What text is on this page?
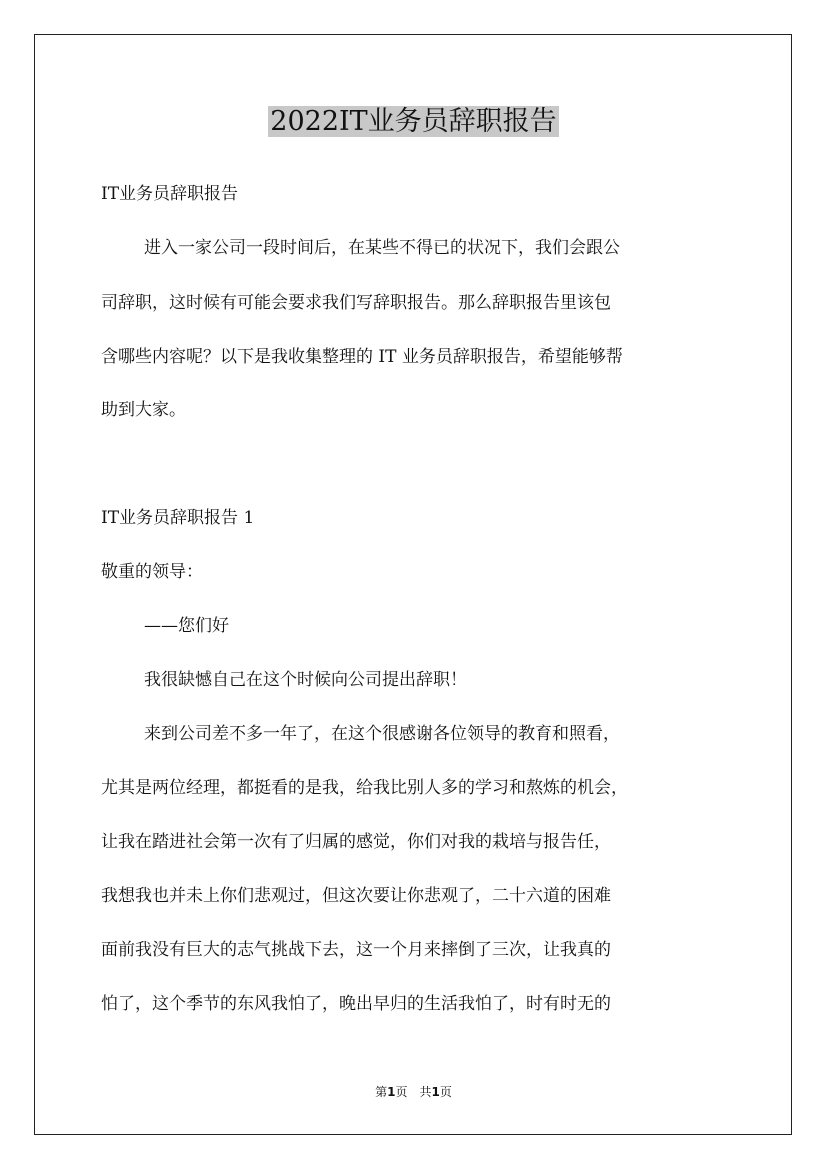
2022IT业务员辞职报告
IT业务员辞职报告
进入一家公司一段时间后，在某些不得已的状况下，我们会跟公
司辞职，这时候有可能会要求我们写辞职报告。那么辞职报告里该包
含哪些内容呢？以下是我收集整理的 IT 业务员辞职报告，希望能够帮
助到大家。
IT业务员辞职报告 1
敬重的领导：
——您们好
我很缺憾自己在这个时候向公司提出辞职！
来到公司差不多一年了，在这个很感谢各位领导的教育和照看，
尤其是两位经理，都挺看的是我，给我比别人多的学习和熬炼的机会，
让我在踏进社会第一次有了归属的感觉，你们对我的栽培与报告任，
我想我也并未上你们悲观过，但这次要让你悲观了，二十六道的困难
面前我没有巨大的志气挑战下去，这一个月来摔倒了三次，让我真的
怕了，这个季节的东风我怕了，晚出早归的生活我怕了，时有时无的
第1页 共1页
